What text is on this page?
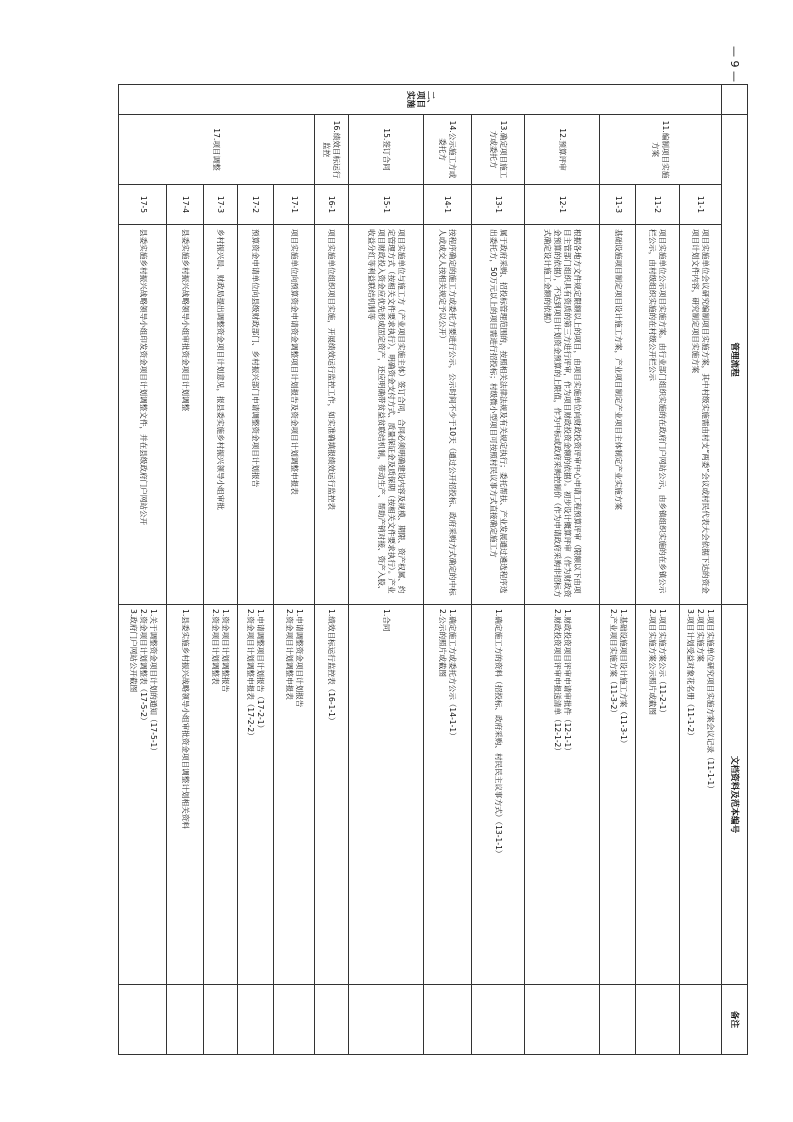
— 9 —
	管理流程			文档资料及范本编号	备注
二、项目实施	11.编制项目实施方案	11-1	项目实施单位会议研究编制项目实施方案，其中村级实施需由村支“两委”会议或村民代表大会依据下达的资金项目计划文件内容，研究制定项目实施方案	1.项目实施单位研究项目实施方案会议记录（11-1-1）
2.项目实施方案
3.项目计划受益对象花名册（11-1-2）	

		11-2	项目实施单位公示项目实施方案。由行业部门组织实施的在政府门户网站公示，由乡镇组织实施的在乡镇公示栏公示，由村级组织实施的在村级公开栏公示	1.项目实施方案公示（11-2-1）
2.项目实施方案公示照片或截图	

		11-3	基础设施项目制定项目设计施工方案，产业项目制定产业项目主体制定产业实施方案	1.基础设施项目设计施工方案（11-3-1）
2.产业项目实施方案（11-3-2）	

	12.预算评审	12-1	根据各地方文件规定限额以上的项目，由项目实施单位向财政投资评审中心申请工程预算评审（限额以下由项目主管部门组织具有资质的第三方进行评审，作为项目财政投资金额的依据）。初步设计概算评审（作为财政资金预算的依据），不达到项目计划资金预算的上限值，作为中标或政府采购控制价（作为申请政府采购非招标方式确定设计施工金额的依据）	1.财政投资项目评审申请审批件（12-1-1）
2.财政投资项目评审申报送清单（12-1-2）	

	13.确定项目施工方或委托方	13-1	属于政府采购、招投标管理范围的，按照相关法律法规及有关规定执行；委托帮扶、产业发展通过遴选程序选出委托方，50万元以上的项目需进行招投标；村级微小型项目可按照村民议事方式直接确定施工方	1.确定施工方的资料（招投标、政府采购、村民民主议事方式）（13-1-1）	

	14.公示施工方或委托方	14-1	按程序确定的施工方或委托方要进行公示，公示时间不少于10天（通过公开招投标、政府采购方式确定的中标人或成交人按相关规定予以公开）	1.确定施工方或委托方公示（14-1-1）
2.公示的照片或截图	

	15.签订合同	15-1	项目实施单位与施工方（产业项目实施主体）签订合同，合同必须明确建设内容及规模、期限、资产权属、约定管理方式（按相关文件要求执行），明确资金支付方式、质量保证金及质保期（按相关文件要求执行）。产业项目财政投入资金应优先形成固定资产，还应明确带贫益贫联结机制，带动生产、帮助产销对接、资产入股、收益分红等利益联结机制等	1.合同	

	16.绩效目标运行监控	16-1	项目实施单位组织项目实施，开展绩效运行监控工作，如实准确填报绩效运行监控表	1.绩效目标运行监控表（16-1-1）	

	17.项目调整	17-1	项目实施单位向预算资金申请资金调整项目计划报告及资金项目计划调整申报表	1.申请调整资金项目计划报告
2.资金项目计划调整申报表	

		17-2	预算资金申请单位向县级财政部门、乡村振兴部门申请调整资金项目计划报告	1.申请调整项目计划报告（17-2-1）
2.资金项目计划调整申报表（17-2-2）	

		17-3	乡村振兴局、财政局提出调整资金项目计划意见，报县委实施乡村振兴领导小组审批	1.资金项目计划调整报告
2.资金项目计划调整表	

		17-4	县委实施乡村振兴战略领导小组审批资金项目计划调整	1.县委实施乡村振兴战略领导小组审批资金项目调整计划相关资料	

		17-5	县委实施乡村振兴战略领导小组印发资金项目计划调整文件，并在县级政府门户网站公开	1.关于调整资金项目计划的通知（17-5-1）
2.资金项目计划调整表（17-5-2）
3.政府门户网站公开截图	
